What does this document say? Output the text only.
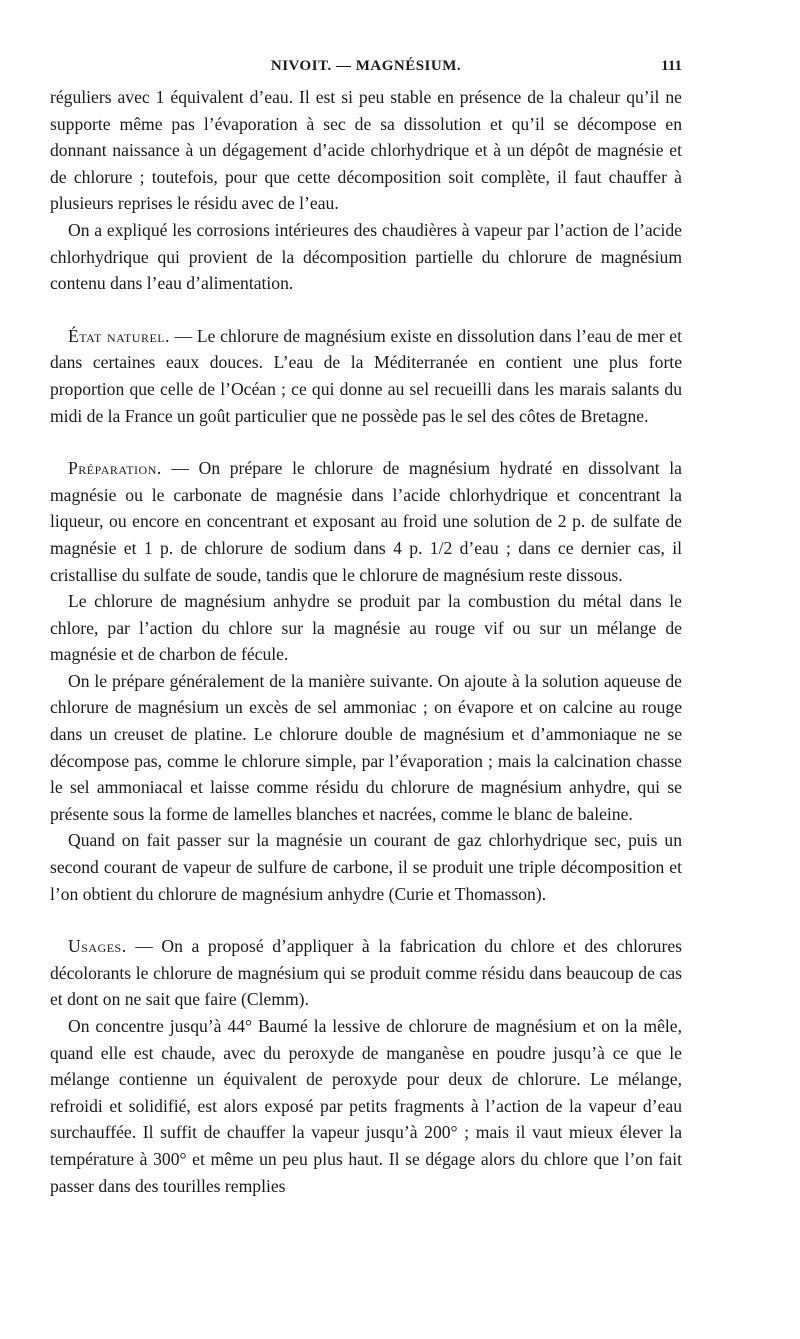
NIVOIT. — MAGNÉSIUM.	111

réguliers avec 1 équivalent d’eau. Il est si peu stable en présence de la chaleur qu’il ne supporte même pas l’évaporation à sec de sa dissolution et qu’il se décompose en donnant naissance à un dégagement d’acide chlorhydrique et à un dépôt de magnésie et de chlorure ; toutefois, pour que cette décomposition soit complète, il faut chauffer à plusieurs reprises le résidu avec de l’eau.

On a expliqué les corrosions intérieures des chaudières à vapeur par l’action de l’acide chlorhydrique qui provient de la décomposition partielle du chlorure de magnésium contenu dans l’eau d’alimentation.

État naturel. — Le chlorure de magnésium existe en dissolution dans l’eau de mer et dans certaines eaux douces. L’eau de la Méditerranée en contient une plus forte proportion que celle de l’Océan ; ce qui donne au sel recueilli dans les marais salants du midi de la France un goût particulier que ne possède pas le sel des côtes de Bretagne.

Préparation. — On prépare le chlorure de magnésium hydraté en dissolvant la magnésie ou le carbonate de magnésie dans l’acide chlorhydrique et concentrant la liqueur, ou encore en concentrant et exposant au froid une solution de 2 p. de sulfate de magnésie et 1 p. de chlorure de sodium dans 4 p. 1/2 d’eau ; dans ce dernier cas, il cristallise du sulfate de soude, tandis que le chlorure de magnésium reste dissous.

Le chlorure de magnésium anhydre se produit par la combustion du métal dans le chlore, par l’action du chlore sur la magnésie au rouge vif ou sur un mélange de magnésie et de charbon de fécule.

On le prépare généralement de la manière suivante. On ajoute à la solution aqueuse de chlorure de magnésium un excès de sel ammoniac ; on évapore et on calcine au rouge dans un creuset de platine. Le chlorure double de magnésium et d’ammoniaque ne se décompose pas, comme le chlorure simple, par l’évaporation ; mais la calcination chasse le sel ammoniacal et laisse comme résidu du chlorure de magnésium anhydre, qui se présente sous la forme de lamelles blanches et nacrées, comme le blanc de baleine.

Quand on fait passer sur la magnésie un courant de gaz chlorhydrique sec, puis un second courant de vapeur de sulfure de carbone, il se produit une triple décomposition et l’on obtient du chlorure de magnésium anhydre (Curie et Thomasson).

Usages. — On a proposé d’appliquer à la fabrication du chlore et des chlorures décolorants le chlorure de magnésium qui se produit comme résidu dans beaucoup de cas et dont on ne sait que faire (Clemm).

On concentre jusqu’à 44° Baumé la lessive de chlorure de magnésium et on la mêle, quand elle est chaude, avec du peroxyde de manganèse en poudre jusqu’à ce que le mélange contienne un équivalent de peroxyde pour deux de chlorure. Le mélange, refroidi et solidifié, est alors exposé par petits fragments à l’action de la vapeur d’eau surchauffée. Il suffit de chauffer la vapeur jusqu’à 200° ; mais il vaut mieux élever la température à 300° et même un peu plus haut. Il se dégage alors du chlore que l’on fait passer dans des tourilles remplies
